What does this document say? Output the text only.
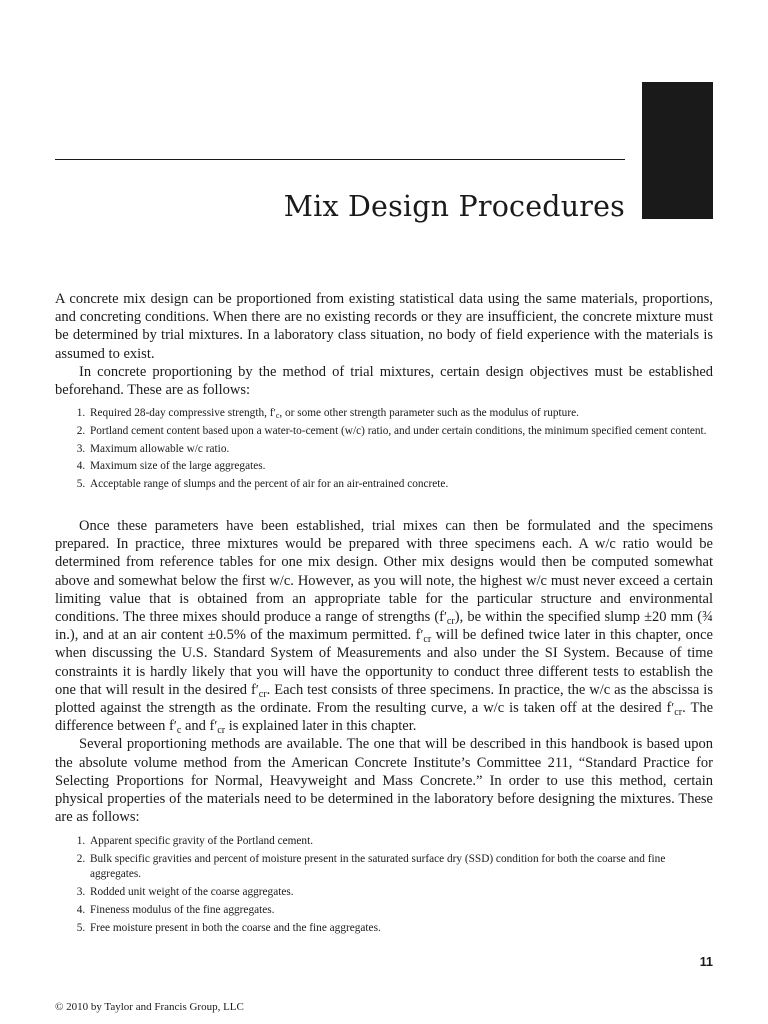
Mix Design Procedures

A concrete mix design can be proportioned from existing statistical data using the same materials, proportions, and concreting conditions. When there are no existing records or they are insufficient, the concrete mixture must be determined by trial mixtures. In a laboratory class situation, no body of field experience with the materials is assumed to exist.

In concrete proportioning by the method of trial mixtures, certain design objectives must be established beforehand. These are as follows:

1. Required 28-day compressive strength, $f'_c$, or some other strength parameter such as the modulus of rupture.
2. Portland cement content based upon a water-to-cement (w/c) ratio, and under certain conditions, the minimum specified cement content.
3. Maximum allowable w/c ratio.
4. Maximum size of the large aggregates.
5. Acceptable range of slumps and the percent of air for an air-entrained concrete.

Once these parameters have been established, trial mixes can then be formulated and the specimens prepared. In practice, three mixtures would be prepared with three specimens each. A w/c ratio would be determined from reference tables for one mix design. Other mix designs would then be computed somewhat above and somewhat below the first w/c. However, as you will note, the highest w/c must never exceed a certain limiting value that is obtained from an appropriate table for the particular structure and environmental conditions. The three mixes should produce a range of strengths $(f'_{cr})$, be within the specified slump ±20 mm (¾ in.), and at an air content ±0.5% of the maximum permitted. $f'_{cr}$ will be defined twice later in this chapter, once when discussing the U.S. Standard System of Measurements and also under the SI System. Because of time constraints it is hardly likely that you will have the opportunity to conduct three different tests to establish the one that will result in the desired $f'_{cr}$. Each test consists of three specimens. In practice, the w/c as the abscissa is plotted against the strength as the ordinate. From the resulting curve, a w/c is taken off at the desired $f'_{cr}$. The difference between $f'_c$ and $f'_{cr}$ is explained later in this chapter.

Several proportioning methods are available. The one that will be described in this handbook is based upon the absolute volume method from the American Concrete Institute’s Committee 211, “Standard Practice for Selecting Proportions for Normal, Heavyweight and Mass Concrete.” In order to use this method, certain physical properties of the materials need to be determined in the laboratory before designing the mixtures. These are as follows:

1. Apparent specific gravity of the Portland cement.
2. Bulk specific gravities and percent of moisture present in the saturated surface dry (SSD) condition for both the coarse and fine aggregates.
3. Rodded unit weight of the coarse aggregates.
4. Fineness modulus of the fine aggregates.
5. Free moisture present in both the coarse and the fine aggregates.
11
© 2010 by Taylor and Francis Group, LLC
